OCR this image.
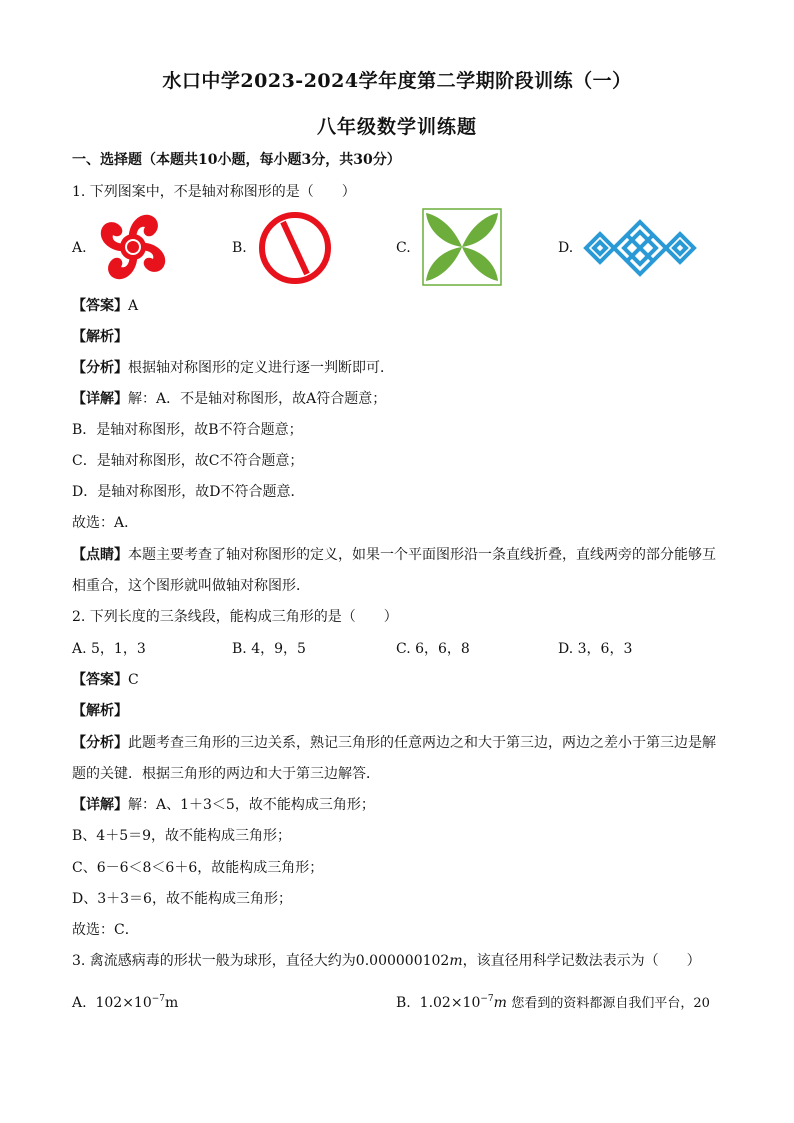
水口中学2023-2024学年度第二学期阶段训练（一）
八年级数学训练题
一、选择题（本题共10小题，每小题3分，共30分）
1. 下列图案中，不是轴对称图形的是（　　）
A.	B.	C.	D.
【答案】A
【解析】
【分析】根据轴对称图形的定义进行逐一判断即可．
【详解】解：A．不是轴对称图形，故A符合题意；
B．是轴对称图形，故B不符合题意；
C．是轴对称图形，故C不符合题意；
D．是轴对称图形，故D不符合题意．
故选：A．
【点睛】本题主要考查了轴对称图形的定义，如果一个平面图形沿一条直线折叠，直线两旁的部分能够互
相重合，这个图形就叫做轴对称图形．
2. 下列长度的三条线段，能构成三角形的是（　　）
A. 5，1，3	B. 4，9，5	C. 6，6，8	D. 3，6，3
【答案】C
【解析】
【分析】此题考查三角形的三边关系，熟记三角形的任意两边之和大于第三边，两边之差小于第三边是解
题的关键．根据三角形的两边和大于第三边解答．
【详解】解：A、1＋3＜5，故不能构成三角形；
B、4＋5＝9，故不能构成三角形；
C、6－6＜8＜6＋6，故能构成三角形；
D、3＋3＝6，故不能构成三角形；
故选：C．
3. 禽流感病毒的形状一般为球形，直径大约为0.000000102m，该直径用科学记数法表示为（　　）
A. $102\times 10^{-7}m$	B. $1.02\times 10^{-7}m$ 您看到的资料都源自我们平台，20
